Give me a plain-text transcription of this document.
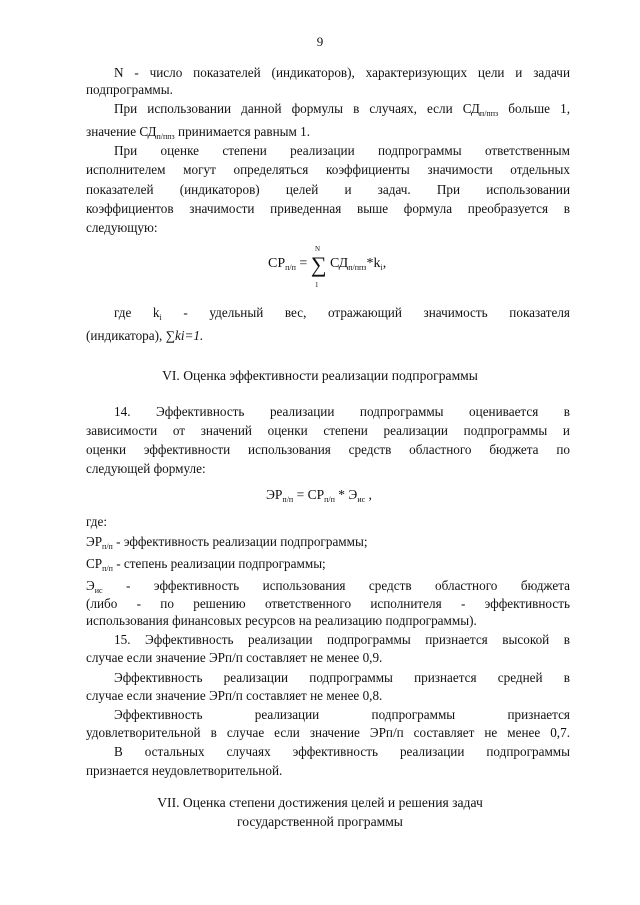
9
N - число показателей (индикаторов), характеризующих цели и задачи
подпрограммы.
При использовании данной формулы в случаях, если $СД_{п/ппз}$ больше 1,
значение $СД_{п/ппз}$ принимается равным 1.
При оценке степени реализации подпрограммы ответственным
исполнителем могут определяться коэффициенты значимости отдельных
показателей (индикаторов) целей и задач. При использовании
коэффициентов значимости приведенная выше формула преобразуется в
следующую:
$СР_{п/п}$ = ∑ $СД_{п/ппз}*k_i$,
N
1
где $k_i$ - удельный вес, отражающий значимость показателя
(индикатора), ∑ki=1.
VI. Оценка эффективности реализации подпрограммы
14. Эффективность реализации подпрограммы оценивается в
зависимости от значений оценки степени реализации подпрограммы и
оценки эффективности использования средств областного бюджета по
следующей формуле:
$ЭР_{п/п} = СР_{п/п} * Э_{ис}$ ,
где:
$ЭР_{п/п}$ - эффективность реализации подпрограммы;
$СР_{п/п}$ - степень реализации подпрограммы;
$Э_{ис}$ - эффективность использования средств областного бюджета
(либо - по решению ответственного исполнителя - эффективность
использования финансовых ресурсов на реализацию подпрограммы).
15. Эффективность реализации подпрограммы признается высокой в
случае если значение ЭРп/п составляет не менее 0,9.
Эффективность реализации подпрограммы признается средней в
случае если значение ЭРп/п составляет не менее 0,8.
Эффективность реализации подпрограммы признается
удовлетворительной в случае если значение ЭРп/п составляет не менее 0,7.
В остальных случаях эффективность реализации подпрограммы
признается неудовлетворительной.
VII. Оценка степени достижения целей и решения задач
государственной программы
